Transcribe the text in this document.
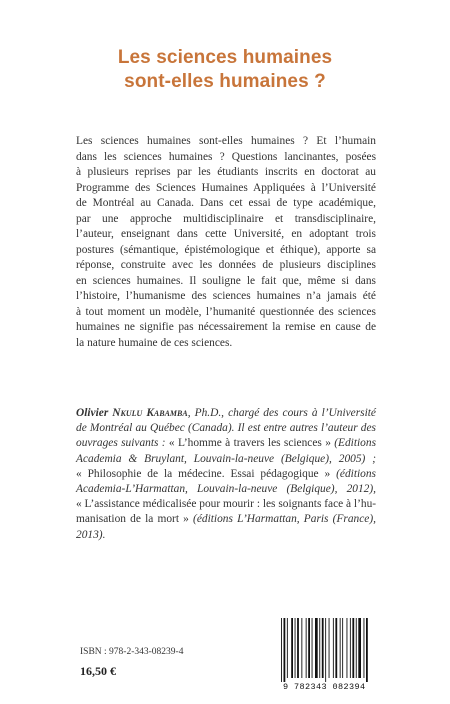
Les sciences humaines
sont-elles humaines ?
Les sciences humaines sont-elles humaines ? Et l’humain
dans les sciences humaines ? Questions lancinantes, posées
à plusieurs reprises par les étudiants inscrits en doctorat au
Programme des Sciences Humaines Appliquées à l’Université
de Montréal au Canada. Dans cet essai de type académique,
par une approche multidisciplinaire et transdisciplinaire,
l’auteur, enseignant dans cette Université, en adoptant trois
postures (sémantique, épistémologique et éthique), apporte sa
réponse, construite avec les données de plusieurs disciplines
en sciences humaines. Il souligne le fait que, même si dans
l’histoire, l’humanisme des sciences humaines n’a jamais été
à tout moment un modèle, l’humanité questionnée des sciences
humaines ne signifie pas nécessairement la remise en cause de
la nature humaine de ces sciences.
Olivier Nkulu Kabamba, Ph.D., chargé des cours à l’Université
de Montréal au Québec (Canada). Il est entre autres l’auteur des
ouvrages suivants : « L’homme à travers les sciences » (Editions
Academia & Bruylant, Louvain-la-neuve (Belgique), 2005) ;
« Philosophie de la médecine. Essai pédagogique » (éditions
Academia-L’Harmattan, Louvain-la-neuve (Belgique), 2012),
« L’assistance médicalisée pour mourir : les soignants face à l’hu-
manisation de la mort » (éditions L’Harmattan, Paris (France),
2013).
ISBN : 978-2-343-08239-4
16,50 €
9 782343 082394
